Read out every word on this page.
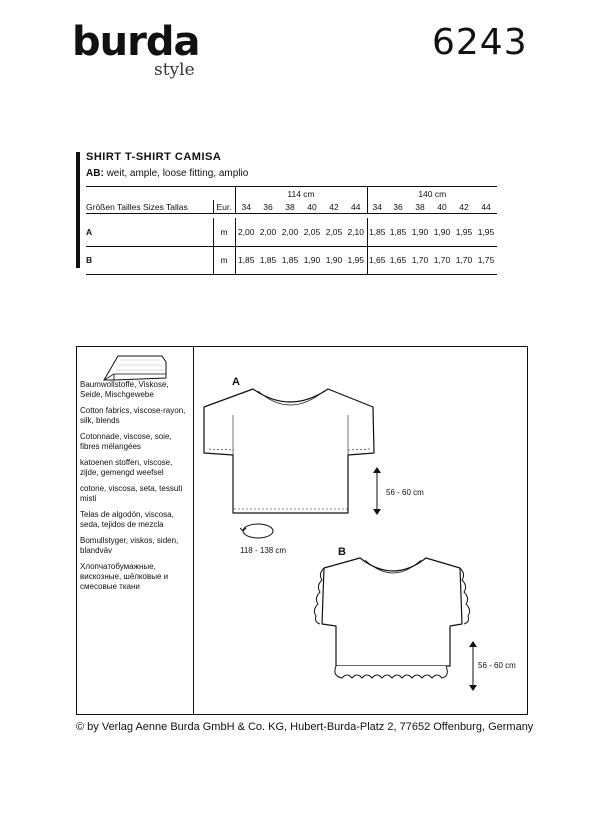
burda
style
6243
SHIRT T-SHIRT CAMISA
AB: weit, ample, loose fitting, amplio
		114 cm						140 cm					
Größen Tailles Sizes Tallas	Eur.	34	36	38	40	42	44	34	36	38	40	42	44

A	m	2,00	2,00	2,00	2,05	2,05	2,10	1,85	1,85	1,90	1,90	1,95	1,95
B	m	1,85	1,85	1,85	1,90	1,90	1,95	1,65	1,65	1,70	1,70	1,70	1,75

Baumwollstoffe, Viskose, Seide, Mischgewebe

Cotton fabrics, viscose-rayon, silk, blends

Cotonnade, viscose, soie, fibres mélangées

katoenen stoffen, viscose, zijde, gemengd weefsel

cotone, viscosa, seta, tessuti misti

Telas de algodón, viscosa, seda, tejidos de mezcla

Bomullstyger, viskos, siden, blandväv

Хлопчатобумажные, вискозные, шёлковые и смесовые ткани

A
56 - 60 cm
118 - 138 cm	B
56 - 60 cm
© by Verlag Aenne Burda GmbH & Co. KG, Hubert-Burda-Platz 2, 77652 Offenburg, Germany
